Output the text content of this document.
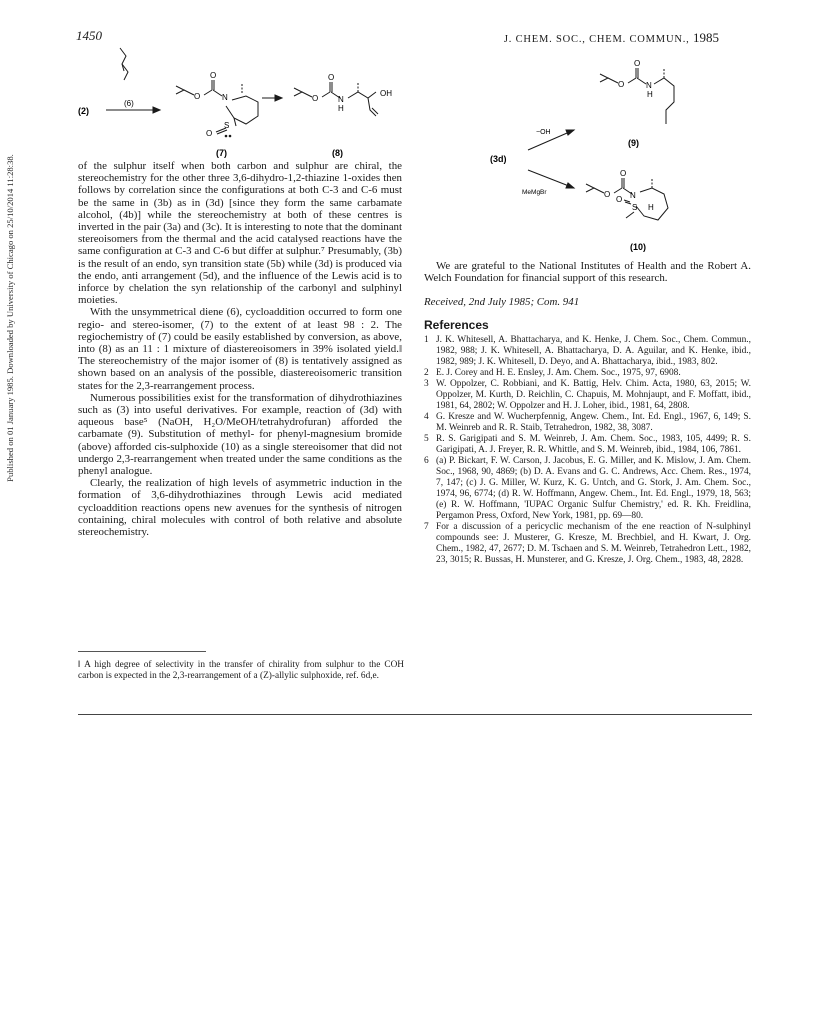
1450	J. CHEM. SOC., CHEM. COMMUN., 1985
Published on 01 January 1985. Downloaded by University of Chicago on 25/10/2014 11:28:38.
(2)
(6)
O
O
N
S
O
O
O
N
H
OH
(7)	(8)
O
O
N
H
(9)
(3d)
−OH
MeMgBr	O
O
N
H
S
O
(10)

of the sulphur itself when both carbon and sulphur are chiral, the stereochemistry for the other three 3,6-dihydro-1,2-thiazine 1-oxides then follows by correlation since the configurations at both C-3 and C-6 must be the same in (3b) as in (3d) [since they form the same carbamate alcohol, (4b)] while the stereochemistry at both of these centres is inverted in the pair (3a) and (3c). It is interesting to note that the dominant stereoisomers from the thermal and the acid catalysed reactions have the same configuration at C-3 and C-6 but differ at sulphur.⁷ Presumably, (3b) is the result of an endo, syn transition state (5b) while (3d) is produced via the endo, anti arrangement (5d), and the influence of the Lewis acid is to inforce by chelation the syn relationship of the carbonyl and sulphinyl moieties.

With the unsymmetrical diene (6), cycloaddition occurred to form one regio- and stereo-isomer, (7) to the extent of at least 98 : 2. The regiochemistry of (7) could be easily established by conversion, as above, into (8) as an 11 : 1 mixture of diastereoisomers in 39% isolated yield.‖ The stereochemistry of the major isomer of (8) is tentatively assigned as shown based on an analysis of the possible, diastereoisomeric transition states for the 2,3-rearrangement process.

Numerous possibilities exist for the transformation of dihydrothiazines such as (3) into useful derivatives. For example, reaction of (3d) with aqueous base⁵ (NaOH, H₂O/MeOH/tetrahydrofuran) afforded the carbamate (9). Substitution of methyl- for phenyl-magnesium bromide (above) afforded cis-sulphoxide (10) as a single stereoisomer that did not undergo 2,3-rearrangement when treated under the same conditions as the phenyl analogue.

Clearly, the realization of high levels of asymmetric induction in the formation of 3,6-dihydrothiazines through Lewis acid mediated cycloaddition reactions opens new avenues for the synthesis of nitrogen containing, chiral molecules with control of both relative and absolute stereochemistry.

‖ A high degree of selectivity in the transfer of chirality from sulphur to the COH carbon is expected in the 2,3-rearrangement of a (Z)-allylic sulphoxide, ref. 6d,e.

We are grateful to the National Institutes of Health and the Robert A. Welch Foundation for financial support of this research.

Received, 2nd July 1985; Com. 941

References
1 J. K. Whitesell, A. Bhattacharya, and K. Henke, J. Chem. Soc., Chem. Commun., 1982, 988; J. K. Whitesell, A. Bhattacharya, D. A. Aguilar, and K. Henke, ibid., 1982, 989; J. K. Whitesell, D. Deyo, and A. Bhattacharya, ibid., 1983, 802.
2 E. J. Corey and H. E. Ensley, J. Am. Chem. Soc., 1975, 97, 6908.
3 W. Oppolzer, C. Robbiani, and K. Battig, Helv. Chim. Acta, 1980, 63, 2015; W. Oppolzer, M. Kurth, D. Reichlin, C. Chapuis, M. Mohnjaupt, and F. Moffatt, ibid., 1981, 64, 2802; W. Oppolzer and H. J. Loher, ibid., 1981, 64, 2808.
4 G. Kresze and W. Wucherpfennig, Angew. Chem., Int. Ed. Engl., 1967, 6, 149; S. M. Weinreb and R. R. Staib, Tetrahedron, 1982, 38, 3087.
5 R. S. Garigipati and S. M. Weinreb, J. Am. Chem. Soc., 1983, 105, 4499; R. S. Garigipati, A. J. Freyer, R. R. Whittle, and S. M. Weinreb, ibid., 1984, 106, 7861.
6 (a) P. Bickart, F. W. Carson, J. Jacobus, E. G. Miller, and K. Mislow, J. Am. Chem. Soc., 1968, 90, 4869; (b) D. A. Evans and G. C. Andrews, Acc. Chem. Res., 1974, 7, 147; (c) J. G. Miller, W. Kurz, K. G. Untch, and G. Stork, J. Am. Chem. Soc., 1974, 96, 6774; (d) R. W. Hoffmann, Angew. Chem., Int. Ed. Engl., 1979, 18, 563; (e) R. W. Hoffmann, 'IUPAC Organic Sulfur Chemistry,' ed. R. Kh. Freidlina, Pergamon Press, Oxford, New York, 1981, pp. 69—80.
7 For a discussion of a pericyclic mechanism of the ene reaction of N-sulphinyl compounds see: J. Musterer, G. Kresze, M. Brechbiel, and H. Kwart, J. Org. Chem., 1982, 47, 2677; D. M. Tschaen and S. M. Weinreb, Tetrahedron Lett., 1982, 23, 3015; R. Bussas, H. Munsterer, and G. Kresze, J. Org. Chem., 1983, 48, 2828.
